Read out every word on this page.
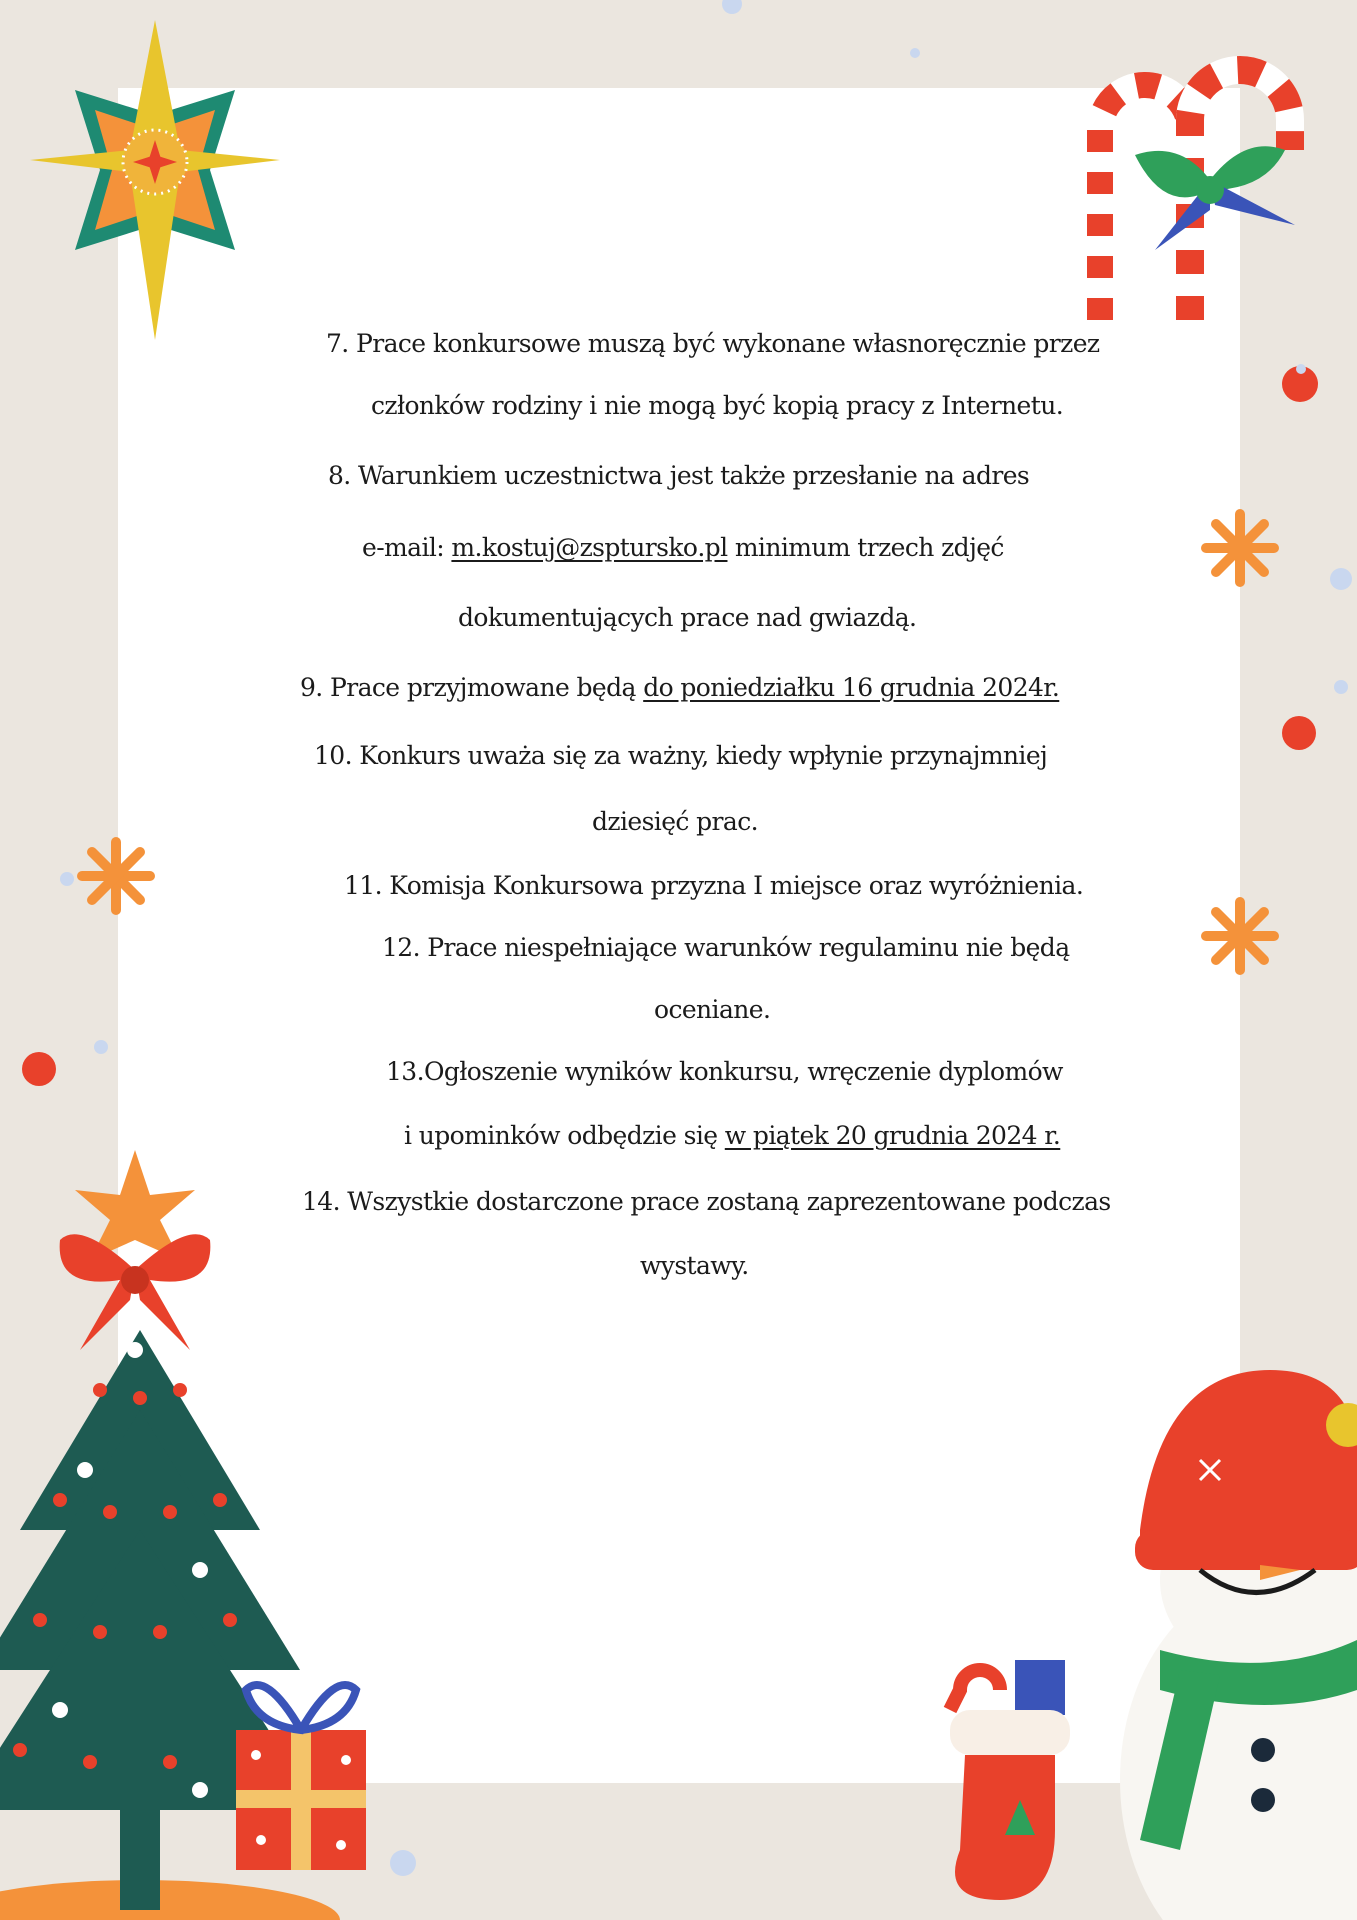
7. Prace konkursowe muszą być wykonane własnoręcznie przez
członków rodziny i nie mogą być kopią pracy z Internetu.
8. Warunkiem uczestnictwa jest także przesłanie na adres
e-mail: m.kostuj@zspturskо.pl minimum trzech zdjęć
dokumentujących prace nad gwiazdą.
9. Prace przyjmowane będą do poniedziałku 16 grudnia 2024r.
10. Konkurs uważa się za ważny, kiedy wpłynie przynajmniej
dziesięć prac.
11. Komisja Konkursowa przyzna I miejsce oraz wyróżnienia.
12. Prace niespełniające warunków regulaminu nie będą
oceniane.
13.Ogłoszenie wyników konkursu, wręczenie dyplomów
i upominków odbędzie się w piątek 20 grudnia 2024 r.
14. Wszystkie dostarczone prace zostaną zaprezentowane podczas
wystawy.
